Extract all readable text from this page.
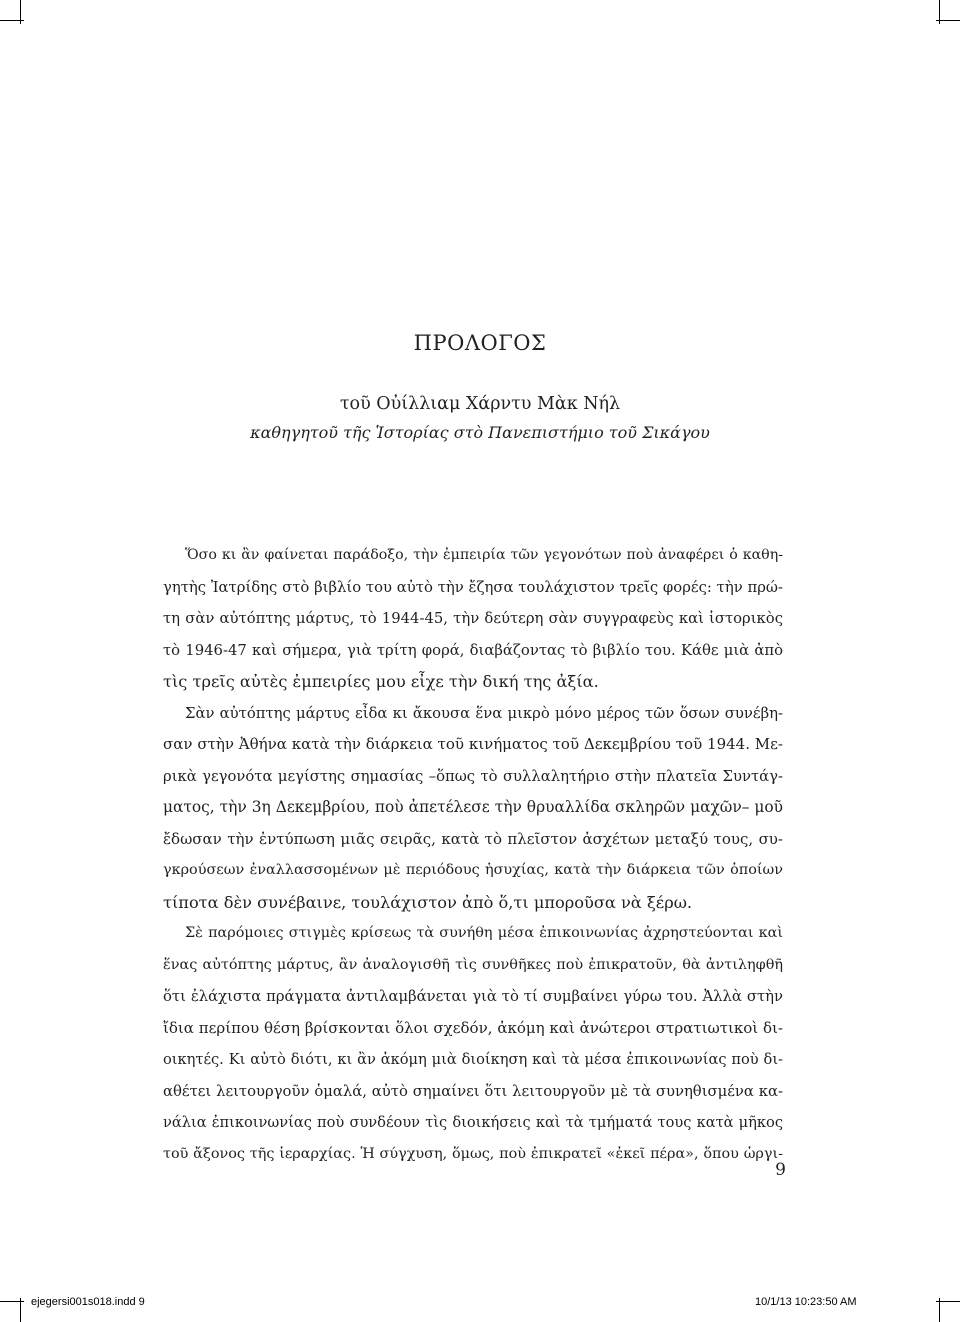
ΠΡΟΛΟΓΟΣ
τοῦ Οὐίλλιαμ Χάρντυ Μὰκ Νήλ
καθηγητοῦ τῆς Ἱστορίας στὸ Πανεπιστήμιο τοῦ Σικάγου
Ὅσο κι ἂν φαίνεται παράδοξο, τὴν ἐμπειρία τῶν γεγονότων ποὺ ἀναφέρει ὁ καθη-
γητὴς Ἰατρίδης στὸ βιβλίο του αὐτὸ τὴν ἔζησα τουλάχιστον τρεῖς φορές: τὴν πρώ-
τη σὰν αὐτόπτης μάρτυς, τὸ 1944-45, τὴν δεύτερη σὰν συγγραφεὺς καὶ ἱστορικὸς
τὸ 1946-47 καὶ σήμερα, γιὰ τρίτη φορά, διαβάζοντας τὸ βιβλίο του. Κάθε μιὰ ἀπὸ
τὶς τρεῖς αὐτὲς ἐμπειρίες μου εἶχε τὴν δική της ἀξία.
Σὰν αὐτόπτης μάρτυς εἶδα κι ἄκουσα ἕνα μικρὸ μόνο μέρος τῶν ὅσων συνέβη-
σαν στὴν Ἀθήνα κατὰ τὴν διάρκεια τοῦ κινήματος τοῦ Δεκεμβρίου τοῦ 1944. Με-
ρικὰ γεγονότα μεγίστης σημασίας –ὅπως τὸ συλλαλητήριο στὴν πλατεῖα Συντάγ-
ματος, τὴν 3η Δεκεμβρίου, ποὺ ἀπετέλεσε τὴν θρυαλλίδα σκληρῶν μαχῶν– μοῦ
ἔδωσαν τὴν ἐντύπωση μιᾶς σειρᾶς, κατὰ τὸ πλεῖστον ἀσχέτων μεταξύ τους, συ-
γκρούσεων ἐναλλασσομένων μὲ περιόδους ἡσυχίας, κατὰ τὴν διάρκεια τῶν ὁποίων
τίποτα δὲν συνέβαινε, τουλάχιστον ἀπὸ ὅ,τι μποροῦσα νὰ ξέρω.
Σὲ παρόμοιες στιγμὲς κρίσεως τὰ συνήθη μέσα ἐπικοινωνίας ἀχρηστεύονται καὶ
ἕνας αὐτόπτης μάρτυς, ἂν ἀναλογισθῆ τὶς συνθῆκες ποὺ ἐπικρατοῦν, θὰ ἀντιληφθῆ
ὅτι ἐλάχιστα πράγματα ἀντιλαμβάνεται γιὰ τὸ τί συμβαίνει γύρω του. Ἀλλὰ στὴν
ἴδια περίπου θέση βρίσκονται ὅλοι σχεδόν, ἀκόμη καὶ ἀνώτεροι στρατιωτικοὶ δι-
οικητές. Κι αὐτὸ διότι, κι ἂν ἀκόμη μιὰ διοίκηση καὶ τὰ μέσα ἐπικοινωνίας ποὺ δι-
αθέτει λειτουργοῦν ὁμαλά, αὐτὸ σημαίνει ὅτι λειτουργοῦν μὲ τὰ συνηθισμένα κα-
νάλια ἐπικοινωνίας ποὺ συνδέουν τὶς διοικήσεις καὶ τὰ τμήματά τους κατὰ μῆκος
τοῦ ἄξονος τῆς ἱεραρχίας. Ἡ σύγχυση, ὅμως, ποὺ ἐπικρατεῖ «ἐκεῖ πέρα», ὅπου ὡργι-
9
ejegersi001s018.indd 9	10/1/13 10:23:50 AM
